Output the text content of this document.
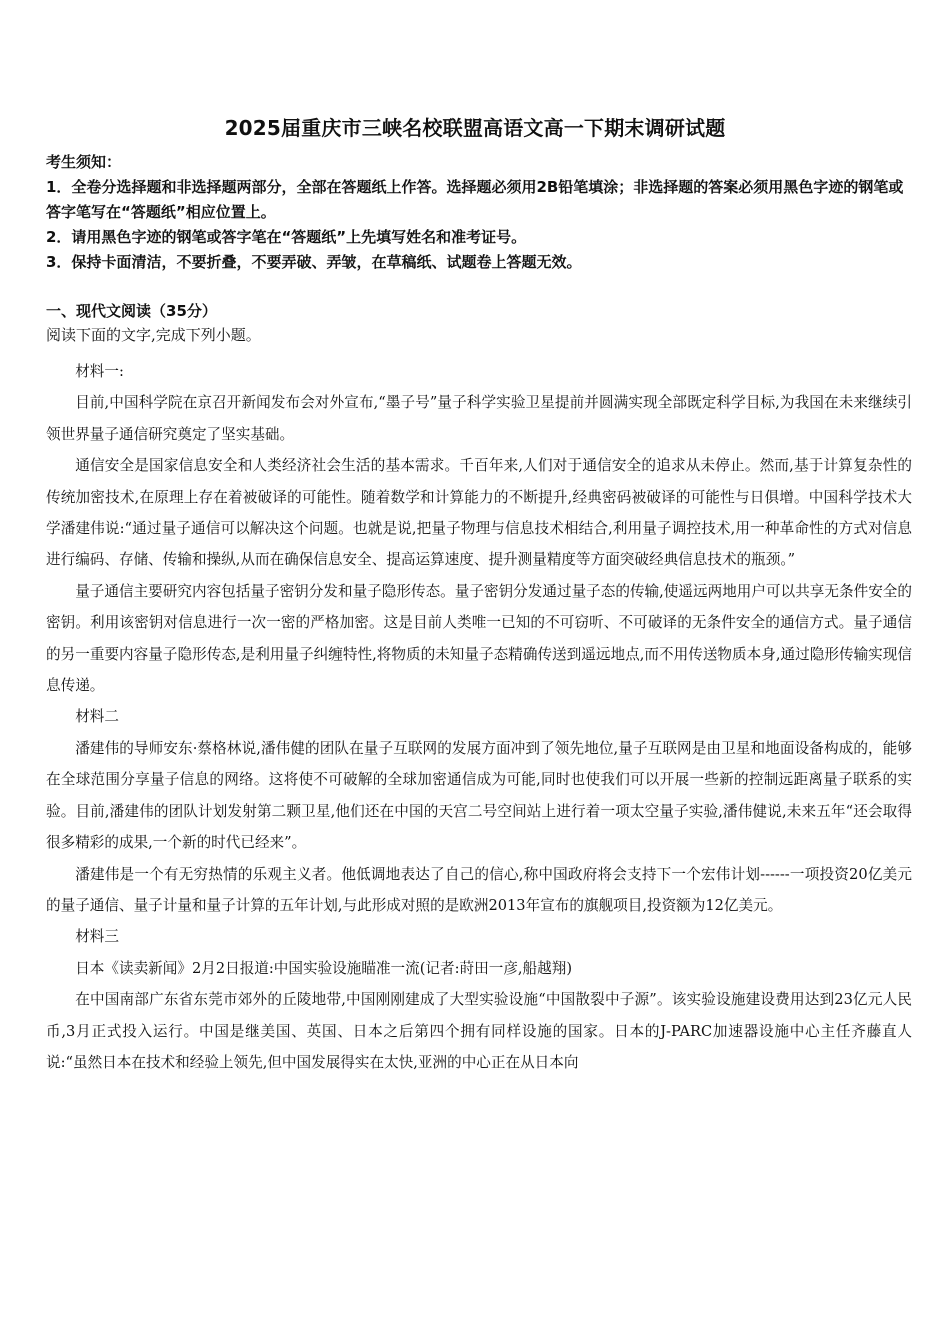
2025届重庆市三峡名校联盟高语文高一下期末调研试题

考生须知：

1．全卷分选择题和非选择题两部分，全部在答题纸上作答。选择题必须用2B铅笔填涂；非选择题的答案必须用黑色字迹的钢笔或答字笔写在“答题纸”相应位置上。

2．请用黑色字迹的钢笔或答字笔在“答题纸”上先填写姓名和准考证号。

3．保持卡面清洁，不要折叠，不要弄破、弄皱，在草稿纸、试题卷上答题无效。

一、现代文阅读（35分）

阅读下面的文字,完成下列小题。

材料一:

目前,中国科学院在京召开新闻发布会对外宣布,“墨子号”量子科学实验卫星提前并圆满实现全部既定科学目标,为我国在未来继续引领世界量子通信研究奠定了坚实基础。

通信安全是国家信息安全和人类经济社会生活的基本需求。千百年来,人们对于通信安全的追求从未停止。然而,基于计算复杂性的传统加密技术,在原理上存在着被破译的可能性。随着数学和计算能力的不断提升,经典密码被破译的可能性与日俱增。中国科学技术大学潘建伟说:“通过量子通信可以解决这个问题。也就是说,把量子物理与信息技术相结合,利用量子调控技术,用一种革命性的方式对信息进行编码、存储、传输和操纵,从而在确保信息安全、提高运算速度、提升测量精度等方面突破经典信息技术的瓶颈。”

量子通信主要研究内容包括量子密钥分发和量子隐形传态。量子密钥分发通过量子态的传输,使遥远两地用户可以共享无条件安全的密钥。利用该密钥对信息进行一次一密的严格加密。这是目前人类唯一已知的不可窃听、不可破译的无条件安全的通信方式。量子通信的另一重要内容量子隐形传态,是利用量子纠缠特性,将物质的未知量子态精确传送到遥远地点,而不用传送物质本身,通过隐形传输实现信息传递。

材料二

潘建伟的导师安东·蔡格林说,潘伟健的团队在量子互联网的发展方面冲到了领先地位,量子互联网是由卫星和地面设备构成的，能够在全球范围分享量子信息的网络。这将使不可破解的全球加密通信成为可能,同时也使我们可以开展一些新的控制远距离量子联系的实验。目前,潘建伟的团队计划发射第二颗卫星,他们还在中国的天宫二号空间站上进行着一项太空量子实验,潘伟健说,未来五年“还会取得很多精彩的成果,一个新的时代已经来”。

潘建伟是一个有无穷热情的乐观主义者。他低调地表达了自己的信心,称中国政府将会支持下一个宏伟计划------一项投资20亿美元的量子通信、量子计量和量子计算的五年计划,与此形成对照的是欧洲2013年宣布的旗舰项目,投资额为12亿美元。

材料三

日本《读卖新闻》2月2日报道:中国实验设施瞄准一流(记者:莳田一彦,船越翔)

在中国南部广东省东莞市郊外的丘陵地带,中国刚刚建成了大型实验设施“中国散裂中子源”。该实验设施建设费用达到23亿元人民币,3月正式投入运行。中国是继美国、英国、日本之后第四个拥有同样设施的国家。日本的J-PARC加速器设施中心主任齐藤直人说:“虽然日本在技术和经验上领先,但中国发展得实在太快,亚洲的中心正在从日本向
